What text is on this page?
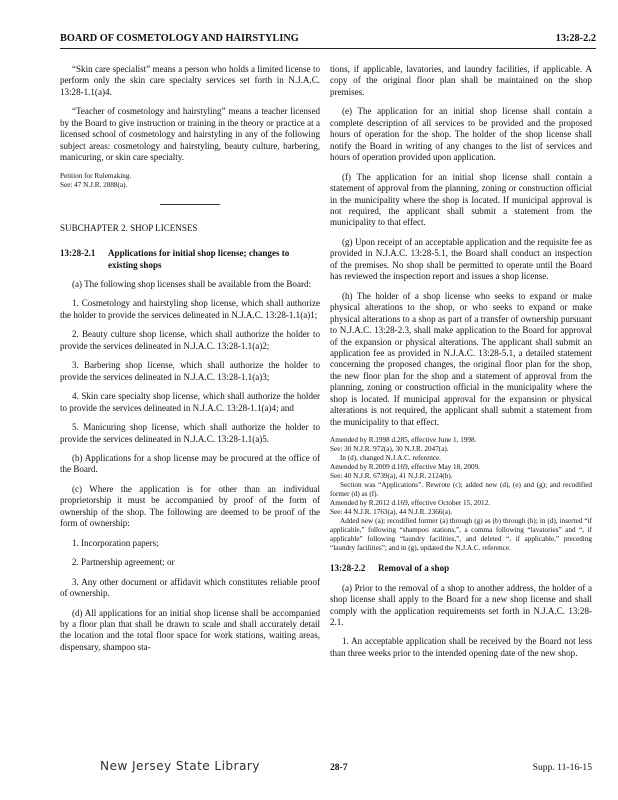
BOARD OF COSMETOLOGY AND HAIRSTYLING	13:28-2.2

“Skin care specialist” means a person who holds a limited license to perform only the skin care specialty services set forth in N.J.A.C. 13:28-1.1(a)4.

“Teacher of cosmetology and hairstyling” means a teacher licensed by the Board to give instruction or training in the theory or practice at a licensed school of cosmetology and hairstyling in any of the following subject areas: cosmetology and hairstyling, beauty culture, barbering, manicuring, or skin care specialty.

Petition for Rulemaking.

See: 47 N.J.R. 2888(a).

SUBCHAPTER 2. SHOP LICENSES

13:28-2.1	Applications for initial shop license; changes to existing shops

(a) The following shop licenses shall be available from the Board:

1. Cosmetology and hairstyling shop license, which shall authorize the holder to provide the services delineated in N.J.A.C. 13:28-1.1(a)1;

2. Beauty culture shop license, which shall authorize the holder to provide the services delineated in N.J.A.C. 13:28-1.1(a)2;

3. Barbering shop license, which shall authorize the holder to provide the services delineated in N.J.A.C. 13:28-1.1(a)3;

4. Skin care specialty shop license, which shall authorize the holder to provide the services delineated in N.J.A.C. 13:28-1.1(a)4; and

5. Manicuring shop license, which shall authorize the holder to provide the services delineated in N.J.A.C. 13:28-1.1(a)5.

(b) Applications for a shop license may be procured at the office of the Board.

(c) Where the application is for other than an individual proprietorship it must be accompanied by proof of the form of ownership of the shop. The following are deemed to be proof of the form of ownership:

1. Incorporation papers;

2. Partnership agreement; or

3. Any other document or affidavit which constitutes reliable proof of ownership.

(d) All applications for an initial shop license shall be accompanied by a floor plan that shall be drawn to scale and shall accurately detail the location and the total floor space for work stations, waiting areas, dispensary, shampoo sta-

tions, if applicable, lavatories, and laundry facilities, if applicable. A copy of the original floor plan shall be maintained on the shop premises.

(e) The application for an initial shop license shall contain a complete description of all services to be provided and the proposed hours of operation for the shop. The holder of the shop license shall notify the Board in writing of any changes to the list of services and hours of operation provided upon application.

(f) The application for an initial shop license shall contain a statement of approval from the planning, zoning or construction official in the municipality where the shop is located. If municipal approval is not required, the applicant shall submit a statement from the municipality to that effect.

(g) Upon receipt of an acceptable application and the requisite fee as provided in N.J.A.C. 13:28-5.1, the Board shall conduct an inspection of the premises. No shop shall be permitted to operate until the Board has reviewed the inspection report and issues a shop license.

(h) The holder of a shop license who seeks to expand or make physical alterations to the shop, or who seeks to expand or make physical alterations to a shop as part of a transfer of ownership pursuant to N.J.A.C. 13:28-2.3, shall make application to the Board for approval of the expansion or physical alterations. The applicant shall submit an application fee as provided in N.J.A.C. 13:28-5.1, a detailed statement concerning the proposed changes, the original floor plan for the shop, the new floor plan for the shop and a statement of approval from the planning, zoning or construction official in the municipality where the shop is located. If municipal approval for the expansion or physical alterations is not required, the applicant shall submit a statement from the municipality to that effect.

Amended by R.1998 d.285, effective June 1, 1998.

See: 30 N.J.R. 972(a), 30 N.J.R. 2047(a).

In (d), changed N.J.A.C. reference.

Amended by R.2009 d.169, effective May 18, 2009.

See: 40 N.J.R. 6739(a), 41 N.J.R. 2124(b).

Section was “Applications”. Rewrote (c); added new (d), (e) and (g); and recodified former (d) as (f).

Amended by R.2012 d.169, effective October 15, 2012.

See: 44 N.J.R. 1763(a), 44 N.J.R. 2366(a).

Added new (a); recodified former (a) through (g) as (b) through (h); in (d), inserted “if applicable,” following “shampoo stations,”, a comma following “lavatories” and “, if applicable” following “laundry facilities,”, and deleted “, if applicable,” preceding “laundry facilities”; and in (g), updated the N.J.A.C. reference.

13:28-2.2	Removal of a shop

(a) Prior to the removal of a shop to another address, the holder of a shop license shall apply to the Board for a new shop license and shall comply with the application requirements set forth in N.J.A.C. 13:28-2.1.

1. An acceptable application shall be received by the Board not less than three weeks prior to the intended opening date of the new shop.

New Jersey State Library	28-7	Supp. 11-16-15
